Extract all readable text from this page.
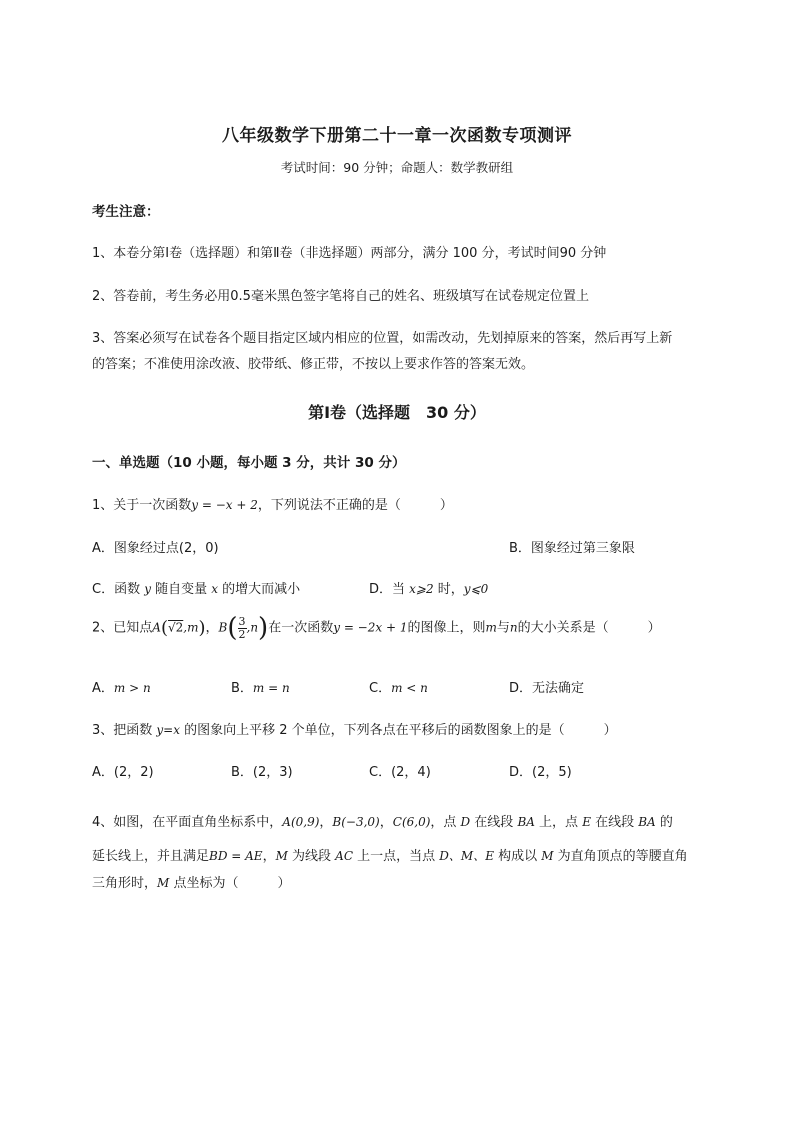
八年级数学下册第二十一章一次函数专项测评
考试时间：90 分钟；命题人：数学教研组
考生注意：
1、本卷分第Ⅰ卷（选择题）和第Ⅱ卷（非选择题）两部分，满分 100 分，考试时间90 分钟
2、答卷前，考生务必用0.5毫米黑色签字笔将自己的姓名、班级填写在试卷规定位置上
3、答案必须写在试卷各个题目指定区域内相应的位置，如需改动，先划掉原来的答案，然后再写上新
的答案；不准使用涂改液、胶带纸、修正带，不按以上要求作答的答案无效。
第Ⅰ卷（选择题　30 分）
一、单选题（10 小题，每小题 3 分，共计 30 分）
1、关于一次函数y = −x + 2，下列说法不正确的是（　　　）
A．图象经过点(2，0)	B．图象经过第三象限
C．函数 y 随自变量 x 的增大而减小	D．当 x⩾2 时，y⩽0
2、已知点A(√2,m)，$B( \frac{3}{2} ,n)$在一次函数y = −2x + 1的图像上，则m与n的大小关系是（　　　）
A．m > n	B．m = n	C．m < n	D．无法确定
3、把函数 y=x 的图象向上平移 2 个单位，下列各点在平移后的函数图象上的是（　　　）
A．(2，2)	B．(2，3)	C．(2，4)	D．(2，5)
4、如图，在平面直角坐标系中，A(0,9)，B(−3,0)，C(6,0)，点 D 在线段 BA 上，点 E 在线段 BA 的
延长线上，并且满足BD = AE，M 为线段 AC 上一点，当点 D、M、E 构成以 M 为直角顶点的等腰直角
三角形时，M 点坐标为（　　　）
